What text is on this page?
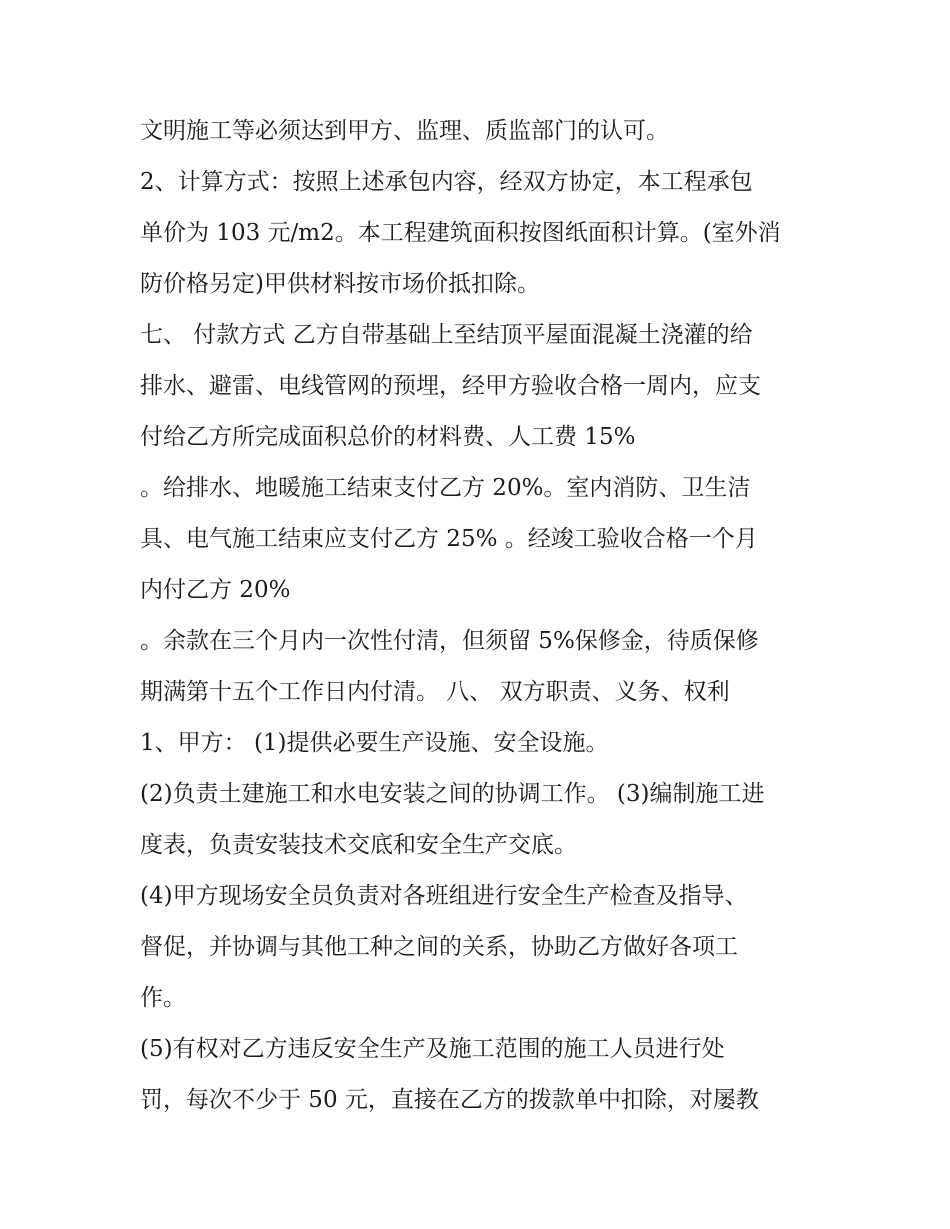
文明施工等必须达到甲方、监理、质监部门的认可。
2、计算方式：按照上述承包内容，经双方协定，本工程承包
单价为 103 元/m2。本工程建筑面积按图纸面积计算。(室外消
防价格另定)甲供材料按市场价抵扣除。
七、 付款方式 乙方自带基础上至结顶平屋面混凝土浇灌的给
排水、避雷、电线管网的预埋，经甲方验收合格一周内，应支
付给乙方所完成面积总价的材料费、人工费 15%
。给排水、地暖施工结束支付乙方 20%。室内消防、卫生洁
具、电气施工结束应支付乙方 25% 。经竣工验收合格一个月
内付乙方 20%
。余款在三个月内一次性付清，但须留 5%保修金，待质保修
期满第十五个工作日内付清。 八、 双方职责、义务、权利
1、甲方： (1)提供必要生产设施、安全设施。
(2)负责土建施工和水电安装之间的协调工作。 (3)编制施工进
度表，负责安装技术交底和安全生产交底。
(4)甲方现场安全员负责对各班组进行安全生产检查及指导、
督促，并协调与其他工种之间的关系，协助乙方做好各项工
作。
(5)有权对乙方违反安全生产及施工范围的施工人员进行处
罚，每次不少于 50 元，直接在乙方的拨款单中扣除，对屡教
